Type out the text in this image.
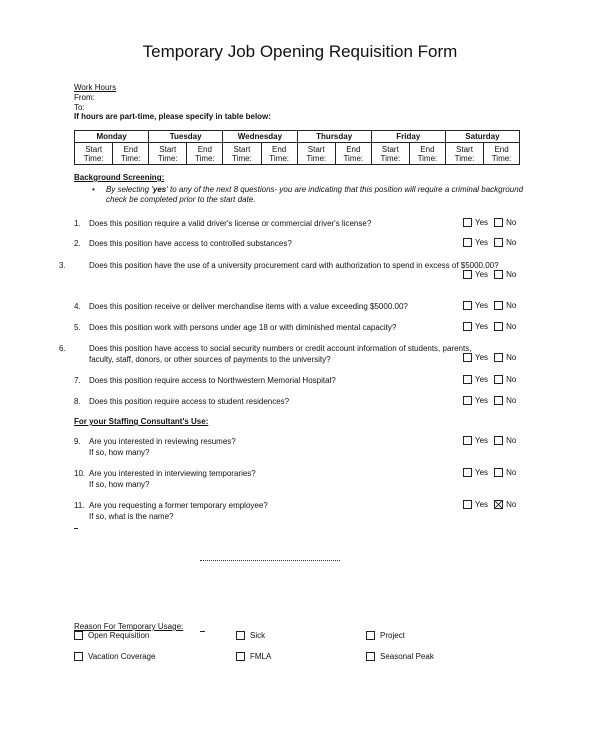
Temporary Job Opening Requisition Form
Work Hours
From:
To:
If hours are part-time, please specify in table below:
Monday		Tuesday		Wednesday		Thursday		Friday		Saturday	
Start Time:	End Time:	Start Time:	End Time:	Start Time:	End Time:	Start Time:	End Time:	Start Time:	End Time:	Start Time:	End Time:
Background Screening:
• By selecting 'yes' to any of the next 8 questions- you are indicating that this position will require a criminal background check be completed prior to the start date.
1. Does this position require a valid driver's license or commercial driver's license?	Yes No
2. Does this position have access to controlled substances?	Yes No
3.	Does this position have the use of a university procurement card with authorization to spend in excess of $5000.00?
Yes No
4. Does this position receive or deliver merchandise items with a value exceeding $5000.00?	Yes No
5. Does this position work with persons under age 18 or with diminished mental capacity?	Yes No
6.	Does this position have access to social security numbers or credit account information of students, parents, faculty, staff, donors, or other sources of payments to the university?	Yes No
7. Does this position require access to Northwestern Memorial Hospital?	Yes No
8. Does this position require access to student residences?	Yes No
For your Staffing Consultant's Use:
9. Are you interested in reviewing resumes?
If so, how many?
Yes No
10. Are you interested in interviewing temporaries?
If so, how many?
Yes No
11. Are you requesting a former temporary employee?
If so, what is the name?
Yes No
Reason For Temporary Usage:
Open Requisition	Sick	Project
Vacation Coverage	FMLA	Seasonal Peak
